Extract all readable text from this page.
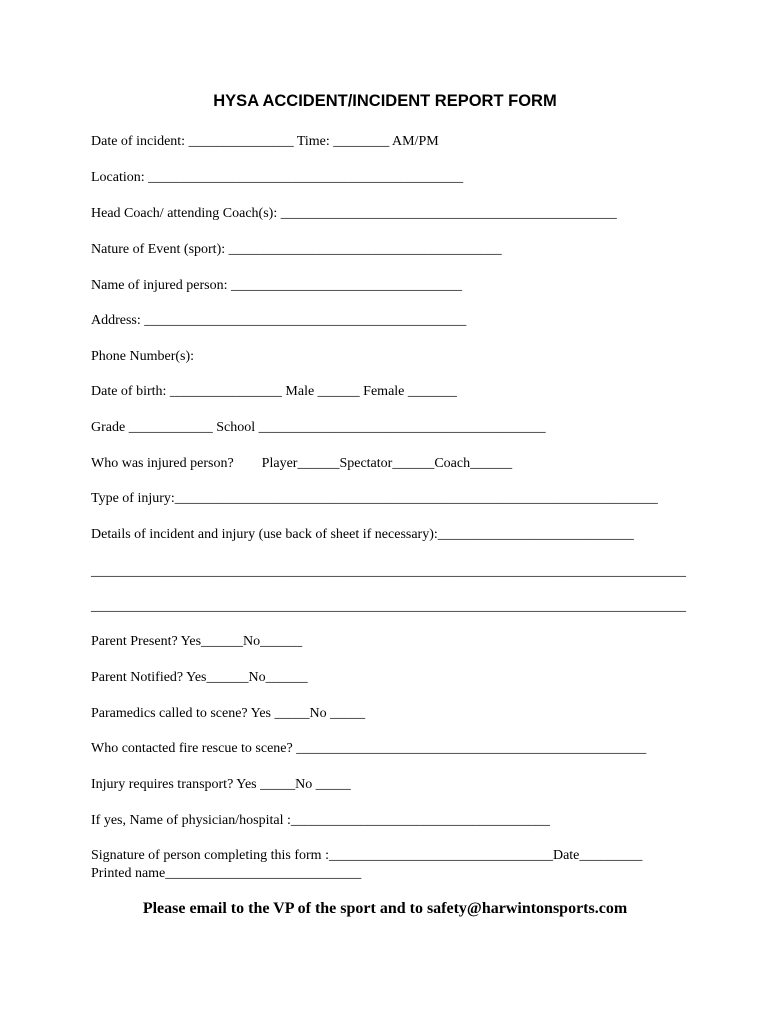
HYSA ACCIDENT/INCIDENT REPORT FORM
Date of incident: _______________ Time: ________ AM/PM
Location: _____________________________________________
Head Coach/ attending Coach(s): ________________________________________________
Nature of Event (sport): _______________________________________
Name of injured person: _________________________________
Address: ______________________________________________
Phone Number(s):
Date of birth: ________________ Male ______ Female _______
Grade ____________ School _________________________________________
Who was injured person?        Player______Spectator______Coach______
Type of injury:_____________________________________________________________________
Details of incident and injury (use back of sheet if necessary):____________________________
_____________________________________________________________________________________
_____________________________________________________________________________________
Parent Present? Yes______No______
Parent Notified? Yes______No______
Paramedics called to scene? Yes _____No _____
Who contacted fire rescue to scene? __________________________________________________
Injury requires transport? Yes _____No _____
If yes, Name of physician/hospital :_____________________________________
Signature of person completing this form :________________________________Date_________
Printed name____________________________
Please email to the VP of the sport and to safety@harwintonsports.com
